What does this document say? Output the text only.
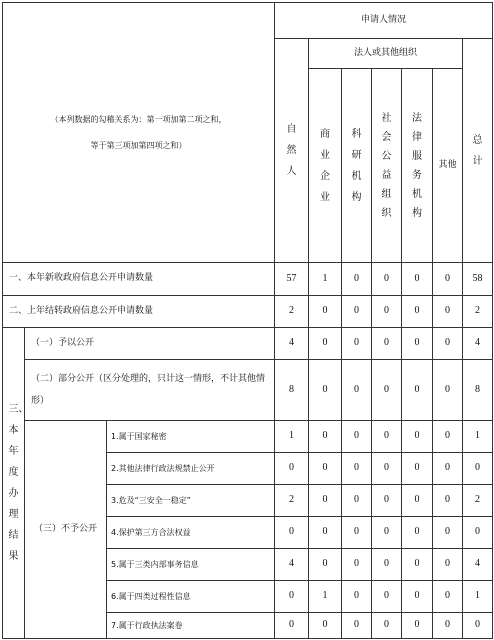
（本列数据的勾稽关系为：第一项加第二项之和，
等于第三项加第四项之和）			申请人情况						

			自然人	法人或其他组织					总计

				商业企业	科研机构	社会公益组织	法律服务机构	其他	
一、本年新收政府信息公开申请数量			57	1	0	0	0	0	58
二、上年结转政府信息公开申请数量			2	0	0	0	0	0	2

三、本年度办理结果	（一）予以公开		4	0	0	0	0	0	4
	（二）部分公开（区分处理的，只计这一情形，不计其他情形）		8	0	0	0	0	0	8
	（三）不予公开	1.属于国家秘密	1	0	0	0	0	0	1
		2.其他法律行政法规禁止公开	0	0	0	0	0	0	0
		3.危及“三安全一稳定”	2	0	0	0	0	0	2
		4.保护第三方合法权益	0	0	0	0	0	0	0
		5.属于三类内部事务信息	4	0	0	0	0	0	4
		6.属于四类过程性信息	0	1	0	0	0	0	1
		7.属于行政执法案卷	0	0	0	0	0	0	0
